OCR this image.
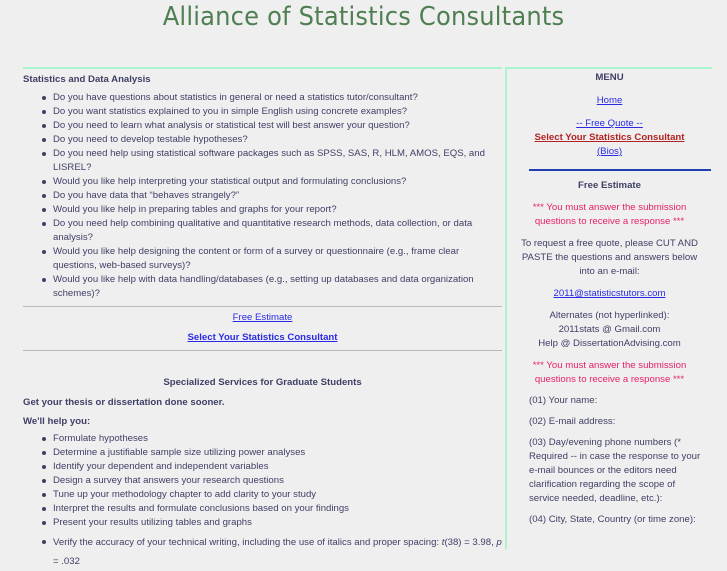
Alliance of Statistics Consultants
Statistics and Data Analysis
Do you have questions about statistics in general or need a statistics tutor/consultant?
Do you want statistics explained to you in simple English using concrete examples?
Do you need to learn what analysis or statistical test will best answer your question?
Do you need to develop testable hypotheses?
Do you need help using statistical software packages such as SPSS, SAS, R, HLM, AMOS, EQS, and LISREL?
Would you like help interpreting your statistical output and formulating conclusions?
Do you have data that “behaves strangely?”
Would you like help in preparing tables and graphs for your report?
Do you need help combining qualitative and quantitative research methods, data collection, or data analysis?
Would you like help designing the content or form of a survey or questionnaire (e.g., frame clear questions, web-based surveys)?
Would you like help with data handling/databases (e.g., setting up databases and data organization schemes)?
Free Estimate
Select Your Statistics Consultant
Specialized Services for Graduate Students
Get your thesis or dissertation done sooner.
We'll help you:
Formulate hypotheses
Determine a justifiable sample size utilizing power analyses
Identify your dependent and independent variables
Design a survey that answers your research questions
Tune up your methodology chapter to add clarity to your study
Interpret the results and formulate conclusions based on your findings
Present your results utilizing tables and graphs
Verify the accuracy of your technical writing, including the use of italics and proper spacing: t(38) = 3.98, p = .032
MENU
Home
-- Free Quote --
Select Your Statistics Consultant
(Bios)
Free Estimate
*** You must answer the submission questions to receive a response ***
To request a free quote, please CUT AND PASTE the questions and answers below into an e-mail:
2011@statisticstutors.com
Alternates (not hyperlinked):
2011stats @ Gmail.com
Help @ DissertationAdvising.com
*** You must answer the submission questions to receive a response ***
(01) Your name:
(02) E-mail address:
(03) Day/evening phone numbers (* Required -- in case the response to your e-mail bounces or the editors need clarification regarding the scope of service needed, deadline, etc.):
(04) City, State, Country (or time zone):
